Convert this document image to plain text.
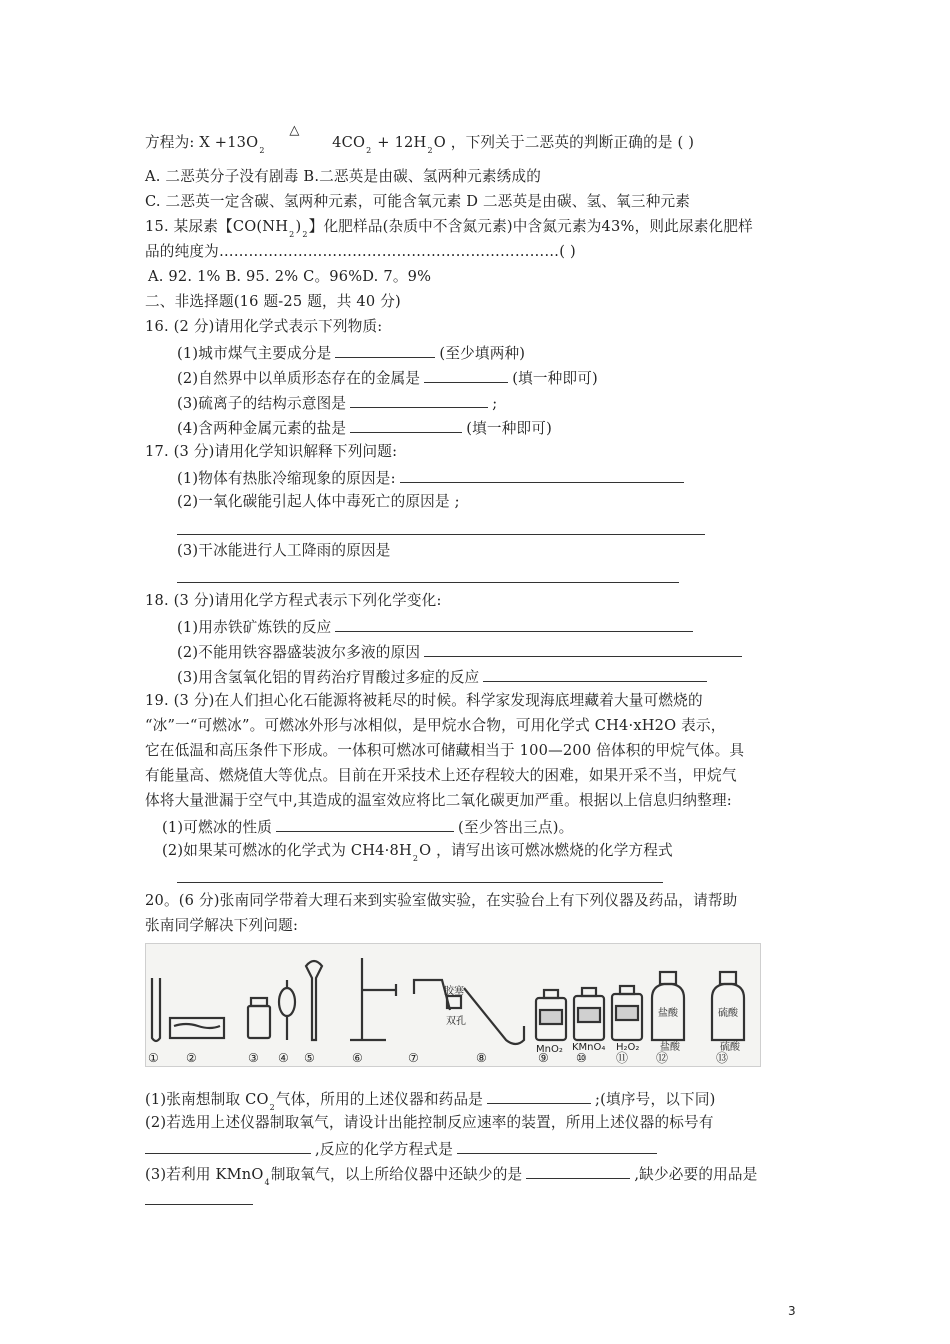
方程为: $X +13O_2$
△
$4CO_2 + 12H_2O$ ，下列关于二恶英的判断正确的是 ( )
A. 二恶英分子没有剧毒 B.二恶英是由碳、氢两种元素绣成的
C. 二恶英一定含碳、氢两种元素，可能含氧元素 D 二恶英是由碳、氢、氧三种元素
15. 某尿素【$CO(NH_2)_2$】化肥样品(杂质中不含氮元素)中含氮元素为43%，则此尿素化肥样
品的纯度为……………………………………………………………( )
A. 92. 1% B. 95. 2% C。96%D. 7。9%
二、非选择题(16 题-25 题，共 40 分)
16. (2 分)请用化学式表示下列物质:
(1)城市煤气主要成分是	(至少填两种)
(2)自然界中以单质形态存在的金属是	(填一种即可)
(3)硫离子的结构示意图是	;
(4)含两种金属元素的盐是	(填一种即可)
17. (3 分)请用化学知识解释下列问题:
(1)物体有热胀冷缩现象的原因是:
(2)一氧化碳能引起人体中毒死亡的原因是 ;
(3)干冰能进行人工降雨的原因是
18. (3 分)请用化学方程式表示下列化学变化:
(1)用赤铁矿炼铁的反应
(2)不能用铁容器盛装波尔多液的原因
(3)用含氢氧化铝的胃药治疗胃酸过多症的反应
19. (3 分)在人们担心化石能源将被耗尽的时候。科学家发现海底埋藏着大量可燃烧的
“冰”一“可燃冰”。可燃冰外形与冰相似，是甲烷水合物，可用化学式 CH4·xH2O 表示，
它在低温和高压条件下形成。一体积可燃冰可储藏相当于 100—200 倍体积的甲烷气体。具
有能量高、燃烧值大等优点。目前在开采技术上还存程较大的困难，如果开采不当，甲烷气
体将大量泄漏于空气中,其造成的温室效应将比二氧化碳更加严重。根据以上信息归纳整理:
(1)可燃冰的性质	(至少答出三点)。
(2)如果某可燃冰的化学式为 $CH4\cdot 8H_2O$ ，请写出该可燃冰燃烧的化学方程式
20。(6 分)张南同学带着大理石来到实验室做实验，在实验台上有下列仪器及药品，请帮助
张南同学解决下列问题:
① ②	③ ④ ⑤	⑥	⑦	⑧	⑨ ⑩ ⑪ ⑫	⑬
胶塞
双孔
MnO₂ KMnO₄ H₂O₂
盐酸
盐酸
硫酸
硫酸
(1)张南想制取 $CO_2$气体，所用的上述仪器和药品是	;(填序号，以下同)
(2)若选用上述仪器制取氧气，请设计出能控制反应速率的装置，所用上述仪器的标号有
,反应的化学方程式是
(3)若利用 KMnO$_4$制取氧气，以上所给仪器中还缺少的是	,缺少必要的用品是
3
